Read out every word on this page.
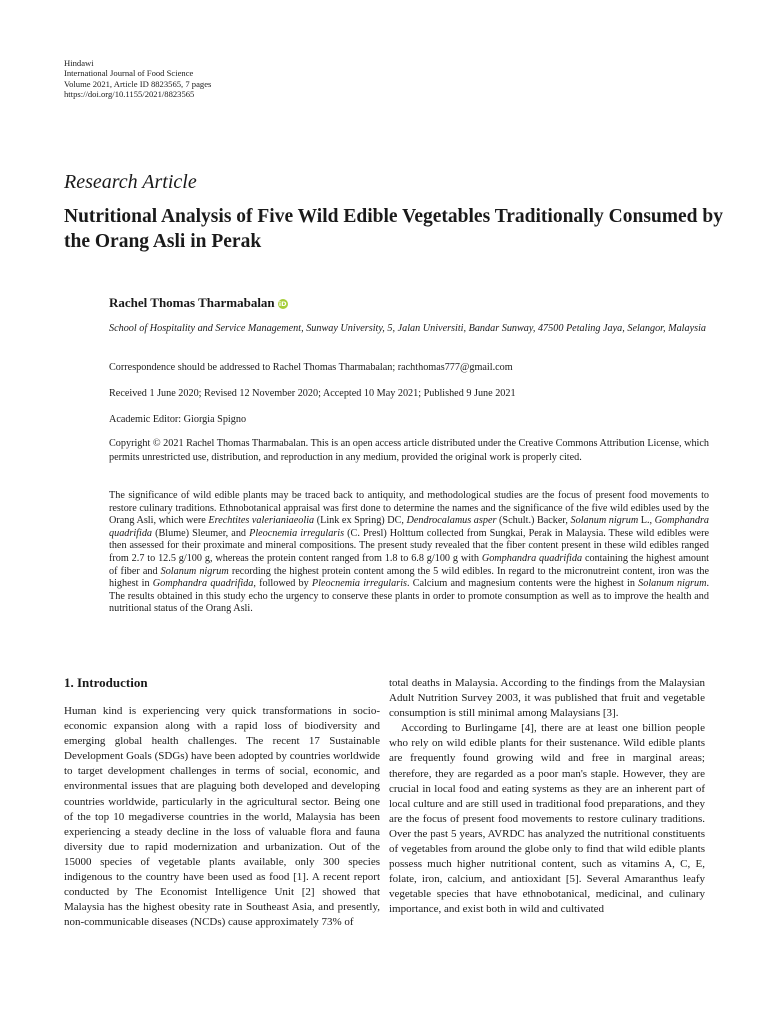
Hindawi
International Journal of Food Science
Volume 2021, Article ID 8823565, 7 pages
https://doi.org/10.1155/2021/8823565
Research Article
Nutritional Analysis of Five Wild Edible Vegetables Traditionally Consumed by the Orang Asli in Perak
Rachel Thomas Tharmabalan iD
School of Hospitality and Service Management, Sunway University, 5, Jalan Universiti, Bandar Sunway, 47500 Petaling Jaya, Selangor, Malaysia
Correspondence should be addressed to Rachel Thomas Tharmabalan; rachthomas777@gmail.com
Received 1 June 2020; Revised 12 November 2020; Accepted 10 May 2021; Published 9 June 2021
Academic Editor: Giorgia Spigno
Copyright © 2021 Rachel Thomas Tharmabalan. This is an open access article distributed under the Creative Commons Attribution License, which permits unrestricted use, distribution, and reproduction in any medium, provided the original work is properly cited.
The significance of wild edible plants may be traced back to antiquity, and methodological studies are the focus of present food movements to restore culinary traditions. Ethnobotanical appraisal was first done to determine the names and the significance of the five wild edibles used by the Orang Asli, which were Erechtites valerianiaeolia (Link ex Spring) DC, Dendrocalamus asper (Schult.) Backer, Solanum nigrum L., Gomphandra quadrifida (Blume) Sleumer, and Pleocnemia irregularis (C. Presl) Holttum collected from Sungkai, Perak in Malaysia. These wild edibles were then assessed for their proximate and mineral compositions. The present study revealed that the fiber content present in these wild edibles ranged from 2.7 to 12.5 g/100 g, whereas the protein content ranged from 1.8 to 6.8 g/100 g with Gomphandra quadrifida containing the highest amount of fiber and Solanum nigrum recording the highest protein content among the 5 wild edibles. In regard to the micronutreint content, iron was the highest in Gomphandra quadrifida, followed by Pleocnemia irregularis. Calcium and magnesium contents were the highest in Solanum nigrum. The results obtained in this study echo the urgency to conserve these plants in order to promote consumption as well as to improve the health and nutritional status of the Orang Asli.
1. Introduction

Human kind is experiencing very quick transformations in socio-economic expansion along with a rapid loss of biodiversity and emerging global health challenges. The recent 17 Sustainable Development Goals (SDGs) have been adopted by countries worldwide to target development challenges in terms of social, economic, and environmental issues that are plaguing both developed and developing countries worldwide, particularly in the agricultural sector. Being one of the top 10 megadiverse countries in the world, Malaysia has been experiencing a steady decline in the loss of valuable flora and fauna diversity due to rapid modernization and urbanization. Out of the 15000 species of vegetable plants available, only 300 species indigenous to the country have been used as food [1]. A recent report conducted by The Economist Intelligence Unit [2] showed that Malaysia has the highest obesity rate in Southeast Asia, and presently, non-communicable diseases (NCDs) cause approximately 73% of

total deaths in Malaysia. According to the findings from the Malaysian Adult Nutrition Survey 2003, it was published that fruit and vegetable consumption is still minimal among Malaysians [3].

According to Burlingame [4], there are at least one billion people who rely on wild edible plants for their sustenance. Wild edible plants are frequently found growing wild and free in marginal areas; therefore, they are regarded as a poor man's staple. However, they are crucial in local food and eating systems as they are an inherent part of local culture and are still used in traditional food preparations, and they are the focus of present food movements to restore culinary traditions. Over the past 5 years, AVRDC has analyzed the nutritional constituents of vegetables from around the globe only to find that wild edible plants possess much higher nutritional content, such as vitamins A, C, E, folate, iron, calcium, and antioxidant [5]. Several Amaranthus leafy vegetable species that have ethnobotanical, medicinal, and culinary importance, and exist both in wild and cultivated
